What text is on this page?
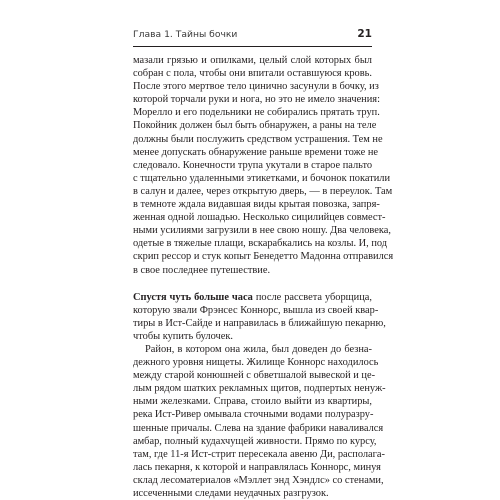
Глава 1. Тайны бочки	21
мазали грязью и опилками, целый слой которых был
собран с пола, чтобы они впитали оставшуюся кровь.
После этого мертвое тело цинично засунули в бочку, из
которой торчали руки и нога, но это не имело значения:
Морелло и его подельники не собирались прятать труп.
Покойник должен был быть обнаружен, а раны на теле
должны были послужить средством устрашения. Тем не
менее допускать обнаружение раньше времени тоже не
следовало. Конечности трупа укутали в старое пальто
с тщательно удаленными этикетками, и бочонок покатили
в салун и далее, через открытую дверь, — в переулок. Там
в темноте ждала видавшая виды крытая повозка, запря-
женная одной лошадью. Несколько сицилийцев совмест-
ными усилиями загрузили в нее свою ношу. Два человека,
одетые в тяжелые плащи, вскарабкались на козлы. И, под
скрип рессор и стук копыт Бенедетто Мадонна отправился
в свое последнее путешествие.
Спустя чуть больше часа после рассвета уборщица,
которую звали Фрэнсес Коннорс, вышла из своей квар-
тиры в Ист-Сайде и направилась в ближайшую пекарню,
чтобы купить булочек.
Район, в котором она жила, был доведен до безна-
дежного уровня нищеты. Жилище Коннорс находилось
между старой конюшней с обветшалой вывеской и це-
лым рядом шатких рекламных щитов, подпертых ненуж-
ными железками. Справа, стоило выйти из квартиры,
река Ист-Ривер омывала сточными водами полуразру-
шенные причалы. Слева на здание фабрики наваливался
амбар, полный кудахчущей живности. Прямо по курсу,
там, где 11-я Ист-стрит пересекала авеню Ди, располага-
лась пекарня, к которой и направлялась Коннорс, минуя
склад лесоматериалов «Мэллет энд Хэндлс» со стенами,
иссеченными следами неудачных разгрузок.
